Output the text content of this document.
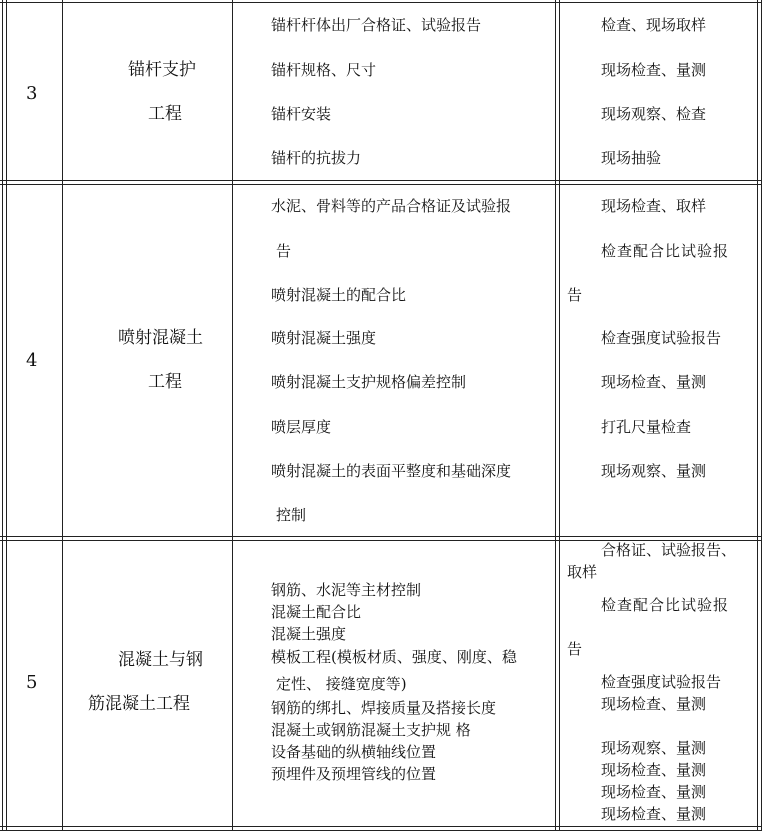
3
锚杆支护
工程
锚杆杆体出厂合格证、试验报告
锚杆规格、尺寸
锚杆安装
锚杆的抗拔力
检查、现场取样
现场检查、量测
现场观察、检查
现场抽验
4
喷射混凝土
工程
水泥、骨料等的产品合格证及试验报
告
喷射混凝土的配合比
喷射混凝土强度
喷射混凝土支护规格偏差控制
喷层厚度
喷射混凝土的表面平整度和基础深度
控制
现场检查、取样
检查配合比试验报
告
检查强度试验报告
现场检查、量测
打孔尺量检查
现场观察、量测
5
混凝土与钢
筋混凝土工程
钢筋、水泥等主材控制
混凝土配合比
混凝土强度
模板工程(模板材质、强度、刚度、稳
定性、 接缝宽度等)
钢筋的绑扎、焊接质量及搭接长度
混凝土或钢筋混凝土支护规 格
设备基础的纵横轴线位置
预埋件及预埋管线的位置
合格证、试验报告、
取样
检查配合比试验报
告
检查强度试验报告
现场检查、量测
现场观察、量测
现场检查、量测
现场检查、量测
现场检查、量测
